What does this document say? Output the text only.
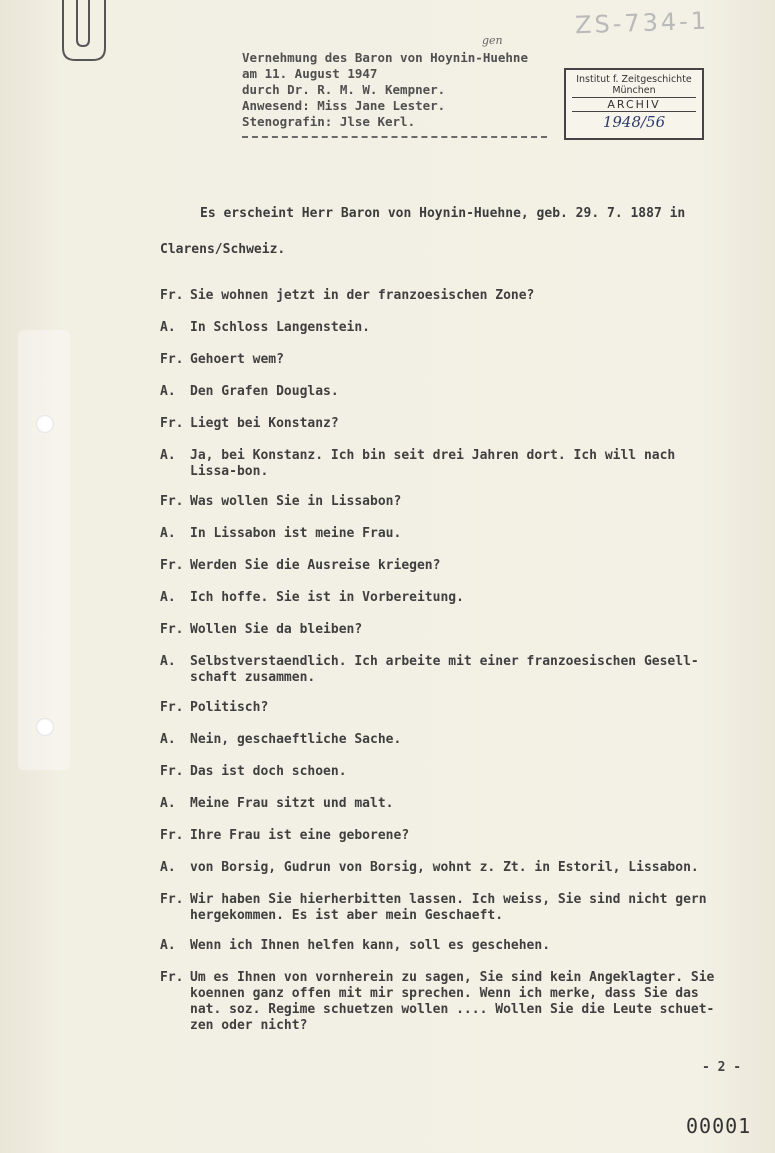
ZS-734-1
gen
Vernehmung des Baron von Hoynin-Huehne
am 11. August 1947
durch Dr. R. M. W. Kempner.
Anwesend: Miss Jane Lester.
Stenografin: Jlse Kerl.
Institut f. Zeitgeschichte
München
ARCHIV
1948/56

Es erscheint Herr Baron von Hoynin-Huehne, geb. 29. 7. 1887 in

Clarens/Schweiz.

Fr. Sie wohnen jetzt in der franzoesischen Zone?
A.	In Schloss Langenstein.
Fr. Gehoert wem?
A.	Den Grafen Douglas.
Fr. Liegt bei Konstanz?
A.	Ja, bei Konstanz. Ich bin seit drei Jahren dort. Ich will nach Lissa-bon.
Fr. Was wollen Sie in Lissabon?
A.	In Lissabon ist meine Frau.
Fr. Werden Sie die Ausreise kriegen?
A.	Ich hoffe. Sie ist in Vorbereitung.
Fr. Wollen Sie da bleiben?
A.	Selbstverstaendlich. Ich arbeite mit einer franzoesischen Gesell-schaft zusammen.
Fr. Politisch?
A.	Nein, geschaeftliche Sache.
Fr. Das ist doch schoen.
A.	Meine Frau sitzt und malt.
Fr. Ihre Frau ist eine geborene?
A.	von Borsig, Gudrun von Borsig, wohnt z. Zt. in Estoril, Lissabon.
Fr. Wir haben Sie hierherbitten lassen. Ich weiss, Sie sind nicht gern hergekommen. Es ist aber mein Geschaeft.
A.	Wenn ich Ihnen helfen kann, soll es geschehen.
Fr. Um es Ihnen von vornherein zu sagen, Sie sind kein Angeklagter. Sie koennen ganz offen mit mir sprechen. Wenn ich merke, dass Sie das nat. soz. Regime schuetzen wollen .... Wollen Sie die Leute schuet-zen oder nicht?
- 2 -
00001
